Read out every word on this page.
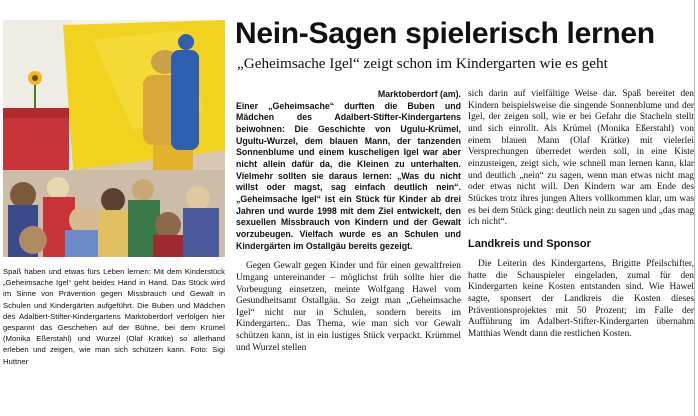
Spaß haben und etwas fürs Leben lernen: Mit dem Kinderstück „Geheimsache Igel“ geht beides Hand in Hand. Das Stück wird im Sinne von Prävention gegen Missbrauch und Gewalt in Schulen und Kindergärten aufgeführt. Die Buben und Mädchen des Adalbert-Stifter-Kindergartens Marktoberdorf verfolgen hier gespannt das Geschehen auf der Bühne, bei dem Krümel (Monika Eßerstahl) und Wurzel (Olaf Krätke) so allerhand erleben und zeigen, wie man sich schützen kann. Foto: Sigi Huttner

Nein-Sagen spielerisch lernen

„Geheimsache Igel“ zeigt schon im Kindergarten wie es geht

Marktoberdorf (am).

Einer „Geheimsache“ durften die Buben und Mädchen des Adalbert-Stifter-Kindergartens beiwohnen: Die Geschichte von Ugulu-Krümel, Ugultu-Wurzel, dem blauen Mann, der tanzenden Sonnenblume und einem kuscheligen Igel war aber nicht allein dafür da, die Kleinen zu unterhalten. Vielmehr sollten sie daraus lernen: „Was du nicht willst oder magst, sag einfach deutlich nein“. „Geheimsache Igel“ ist ein Stück für Kinder ab drei Jahren und wurde 1998 mit dem Ziel entwickelt, den sexuellen Missbrauch von Kindern und der Gewalt vorzubeugen. Vielfach wurde es an Schulen und Kindergärten im Ostallgäu bereits gezeigt.

Gegen Gewalt gegen Kinder und für einen gewaltfreien Umgang untereinander – möglichst früh sollte hier die Vorbeugung einsetzen, meinte Wolfgang Hawel vom Gesundheitsamt Ostallgäu. So zeigt man „Geheimsache Igel“ nicht nur in Schulen, sondern bereits im Kindergarten.. Das Thema, wie man sich vor Gewalt schützen kann, ist in ein lustiges Stück verpackt. Krümmel und Wurzel stellen

sich darin auf vielfältige Weise dar. Spaß bereitet den Kindern beispielsweise die singende Sonnenblume und der Igel, der zeigen soll, wie er bei Gefahr die Stacheln stellt und sich einrollt. Als Krümel (Monika Eßerstahl) von einem blauen Mann (Olaf Krätke) mit vielerlei Versprechungen überredet werden soll, in eine Kiste einzusteigen, zeigt sich, wie schnell man lernen kann, klar und deutlich „nein“ zu sagen, wenn man etwas nicht mag oder etwas nicht will. Den Kindern war am Ende des Stückes trotz ihres jungen Alters vollkommen klar, um was es bei dem Stück ging: deutlich nein zu sagen und „das mag ich nicht“.

Landkreis und Sponsor

Die Leiterin des Kindergartens, Brigitte Pfeilschifter, hatte die Schauspieler eingeladen, zumal für den Kindergarten keine Kosten entstanden sind. Wie Hawel sagte, sponsert der Landkreis die Kosten dieses Präventionsprojektes mit 50 Prozent; im Falle der Aufführung im Adalbert-Stifter-Kindergarten übernahm Matthias Wendt dann die restlichen Kosten.
